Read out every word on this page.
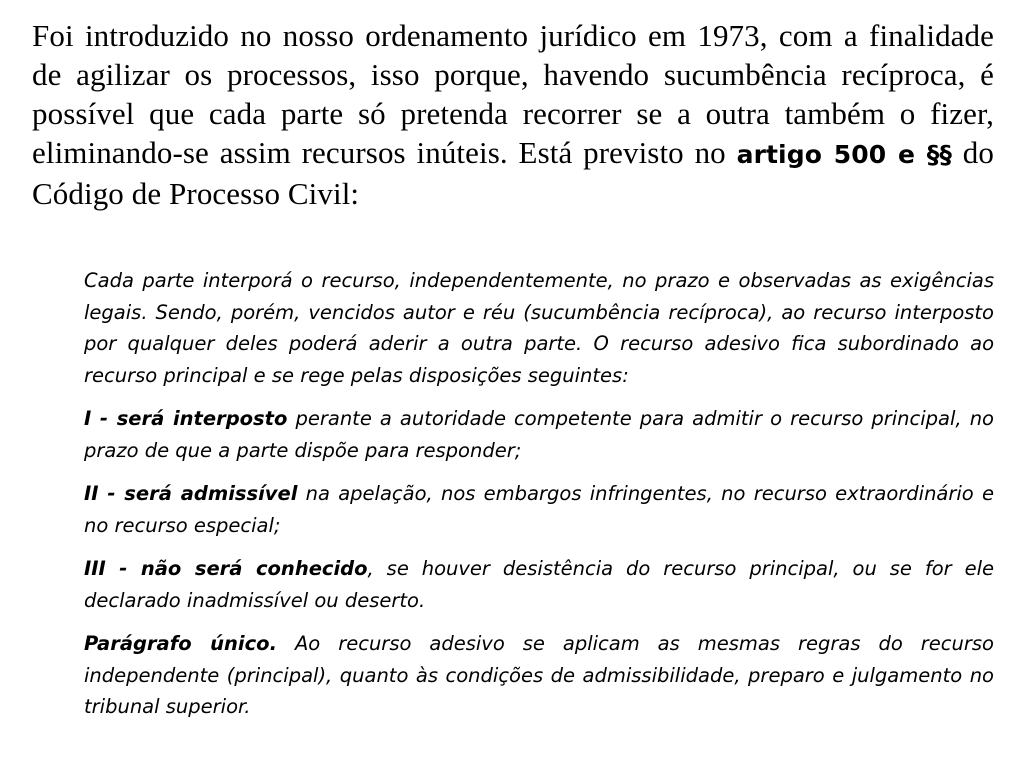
Foi introduzido no nosso ordenamento jurídico em 1973, com a finalidade de agilizar os processos, isso porque, havendo sucumbência recíproca, é possível que cada parte só pretenda recorrer se a outra também o fizer, eliminando-se assim recursos inúteis. Está previsto no artigo 500 e §§ do Código de Processo Civil:

Cada parte interporá o recurso, independentemente, no prazo e observadas as exigências legais. Sendo, porém, vencidos autor e réu (sucumbência recíproca), ao recurso interposto por qualquer deles poderá aderir a outra parte. O recurso adesivo fica subordinado ao recurso principal e se rege pelas disposições seguintes:

I - será interposto perante a autoridade competente para admitir o recurso principal, no prazo de que a parte dispõe para responder;

II - será admissível na apelação, nos embargos infringentes, no recurso extraordinário e no recurso especial;

III - não será conhecido, se houver desistência do recurso principal, ou se for ele declarado inadmissível ou deserto.

Parágrafo único. Ao recurso adesivo se aplicam as mesmas regras do recurso independente (principal), quanto às condições de admissibilidade, preparo e julgamento no tribunal superior.
